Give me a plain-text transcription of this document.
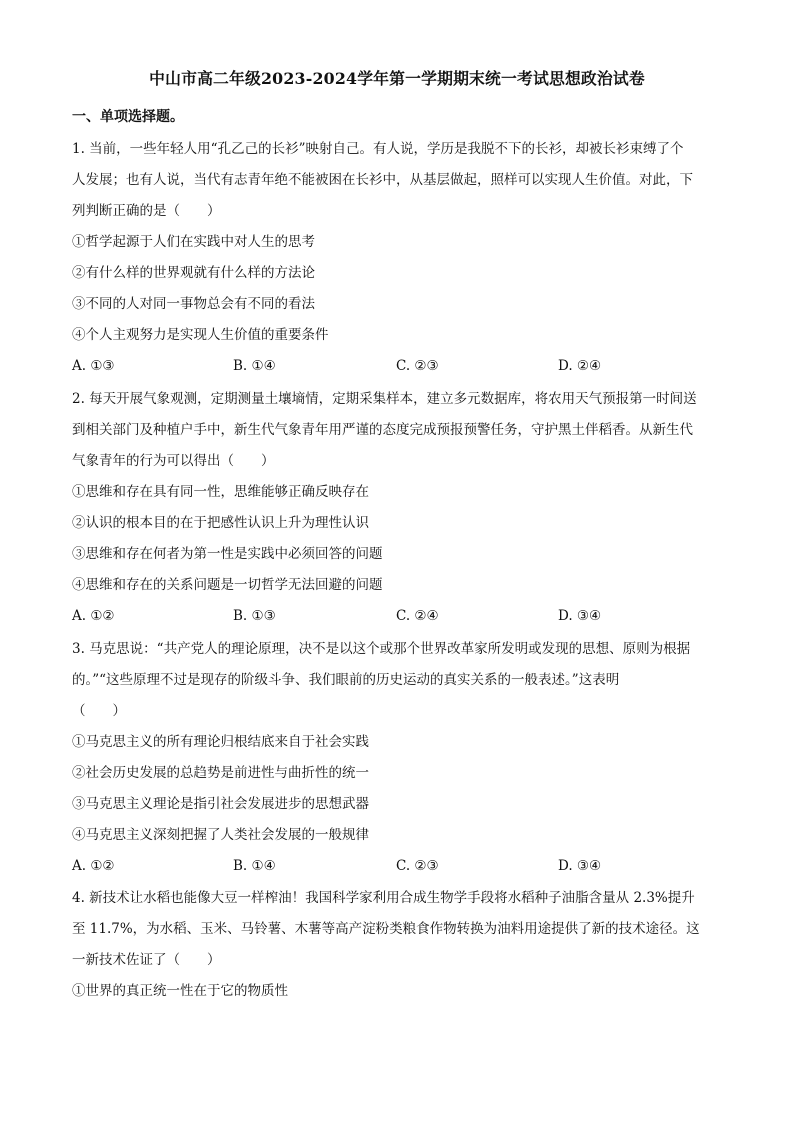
中山市高二年级2023-2024学年第一学期期末统一考试思想政治试卷
一、单项选择题。
1. 当前，一些年轻人用“孔乙己的长衫”映射自己。有人说，学历是我脱不下的长衫，却被长衫束缚了个
人发展；也有人说，当代有志青年绝不能被困在长衫中，从基层做起，照样可以实现人生价值。对此，下
列判断正确的是（　　）
①哲学起源于人们在实践中对人生的思考
②有什么样的世界观就有什么样的方法论
③不同的人对同一事物总会有不同的看法
④个人主观努力是实现人生价值的重要条件
A. ①③	B. ①④	C. ②③	D. ②④
2. 每天开展气象观测，定期测量土壤墒情，定期采集样本，建立多元数据库，将农用天气预报第一时间送
到相关部门及种植户手中，新生代气象青年用严谨的态度完成预报预警任务，守护黑土伴稻香。从新生代
气象青年的行为可以得出（　　）
①思维和存在具有同一性，思维能够正确反映存在
②认识的根本目的在于把感性认识上升为理性认识
③思维和存在何者为第一性是实践中必须回答的问题
④思维和存在的关系问题是一切哲学无法回避的问题
A. ①②	B. ①③	C. ②④	D. ③④
3. 马克思说：“共产党人的理论原理，决不是以这个或那个世界改革家所发明或发现的思想、原则为根据
的。”“这些原理不过是现存的阶级斗争、我们眼前的历史运动的真实关系的一般表述。”这表明
（　　）
①马克思主义的所有理论归根结底来自于社会实践
②社会历史发展的总趋势是前进性与曲折性的统一
③马克思主义理论是指引社会发展进步的思想武器
④马克思主义深刻把握了人类社会发展的一般规律
A. ①②	B. ①④	C. ②③	D. ③④
4. 新技术让水稻也能像大豆一样榨油！我国科学家利用合成生物学手段将水稻种子油脂含量从 2.3%提升
至 11.7%，为水稻、玉米、马铃薯、木薯等高产淀粉类粮食作物转换为油料用途提供了新的技术途径。这
一新技术佐证了（　　）
①世界的真正统一性在于它的物质性
